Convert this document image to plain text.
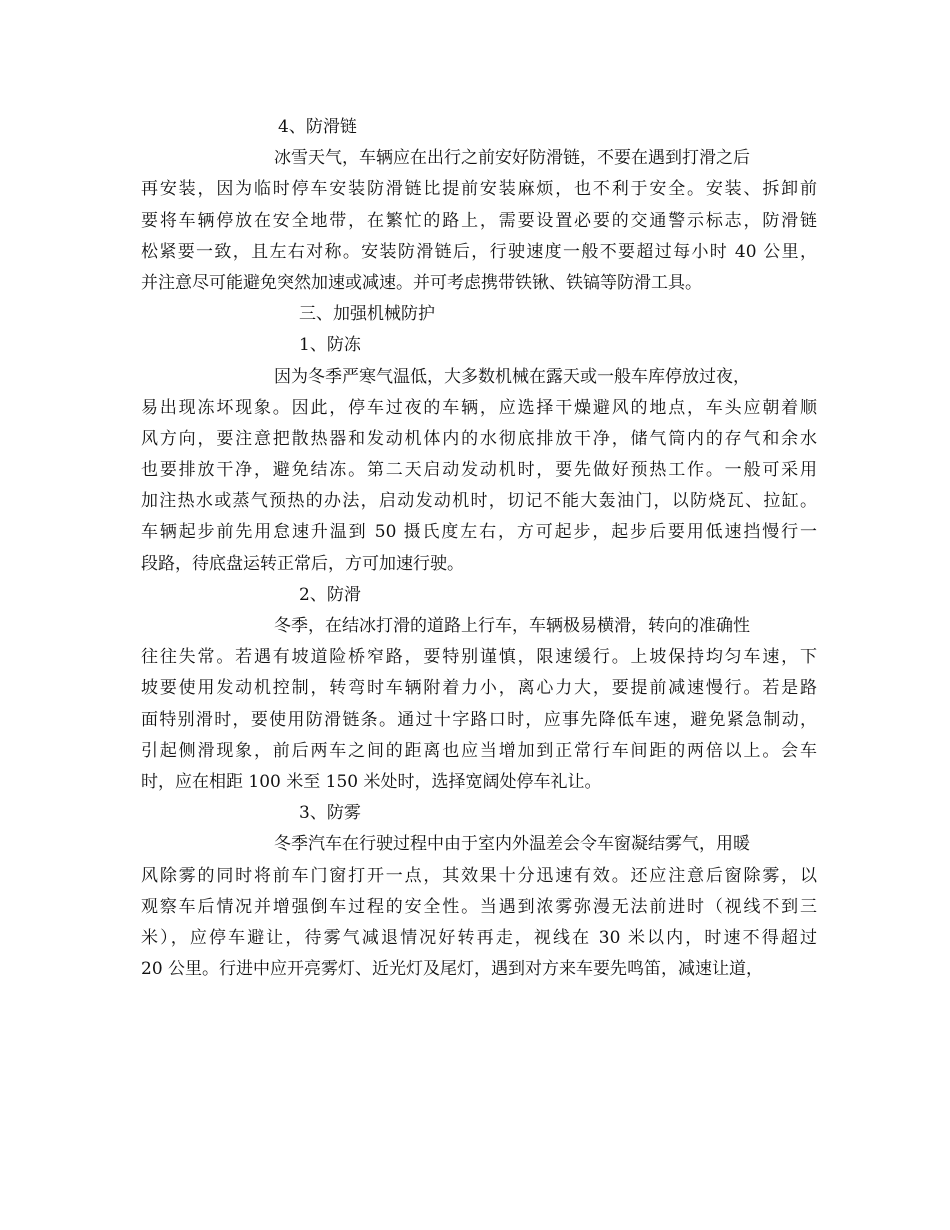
4、防滑链
冰雪天气，车辆应在出行之前安好防滑链，不要在遇到打滑之后
再安装，因为临时停车安装防滑链比提前安装麻烦，也不利于安全。安装、拆卸前
要将车辆停放在安全地带，在繁忙的路上，需要设置必要的交通警示标志，防滑链
松紧要一致，且左右对称。安装防滑链后，行驶速度一般不要超过每小时 40 公里，
并注意尽可能避免突然加速或减速。并可考虑携带铁锹、铁镐等防滑工具。
三、加强机械防护
1、防冻
因为冬季严寒气温低，大多数机械在露天或一般车库停放过夜，
易出现冻坏现象。因此，停车过夜的车辆，应选择干燥避风的地点，车头应朝着顺
风方向，要注意把散热器和发动机体内的水彻底排放干净，储气筒内的存气和余水
也要排放干净，避免结冻。第二天启动发动机时，要先做好预热工作。一般可采用
加注热水或蒸气预热的办法，启动发动机时，切记不能大轰油门，以防烧瓦、拉缸。
车辆起步前先用怠速升温到 50 摄氏度左右，方可起步，起步后要用低速挡慢行一
段路，待底盘运转正常后，方可加速行驶。
2、防滑
冬季，在结冰打滑的道路上行车，车辆极易横滑，转向的准确性
往往失常。若遇有坡道险桥窄路，要特别谨慎，限速缓行。上坡保持均匀车速，下
坡要使用发动机控制，转弯时车辆附着力小，离心力大，要提前减速慢行。若是路
面特别滑时，要使用防滑链条。通过十字路口时，应事先降低车速，避免紧急制动，
引起侧滑现象，前后两车之间的距离也应当增加到正常行车间距的两倍以上。会车
时，应在相距 100 米至 150 米处时，选择宽阔处停车礼让。
3、防雾
冬季汽车在行驶过程中由于室内外温差会令车窗凝结雾气，用暖
风除雾的同时将前车门窗打开一点，其效果十分迅速有效。还应注意后窗除雾，以
观察车后情况并增强倒车过程的安全性。当遇到浓雾弥漫无法前进时（视线不到三
米），应停车避让，待雾气减退情况好转再走，视线在 30 米以内，时速不得超过
20 公里。行进中应开亮雾灯、近光灯及尾灯，遇到对方来车要先鸣笛，减速让道，
